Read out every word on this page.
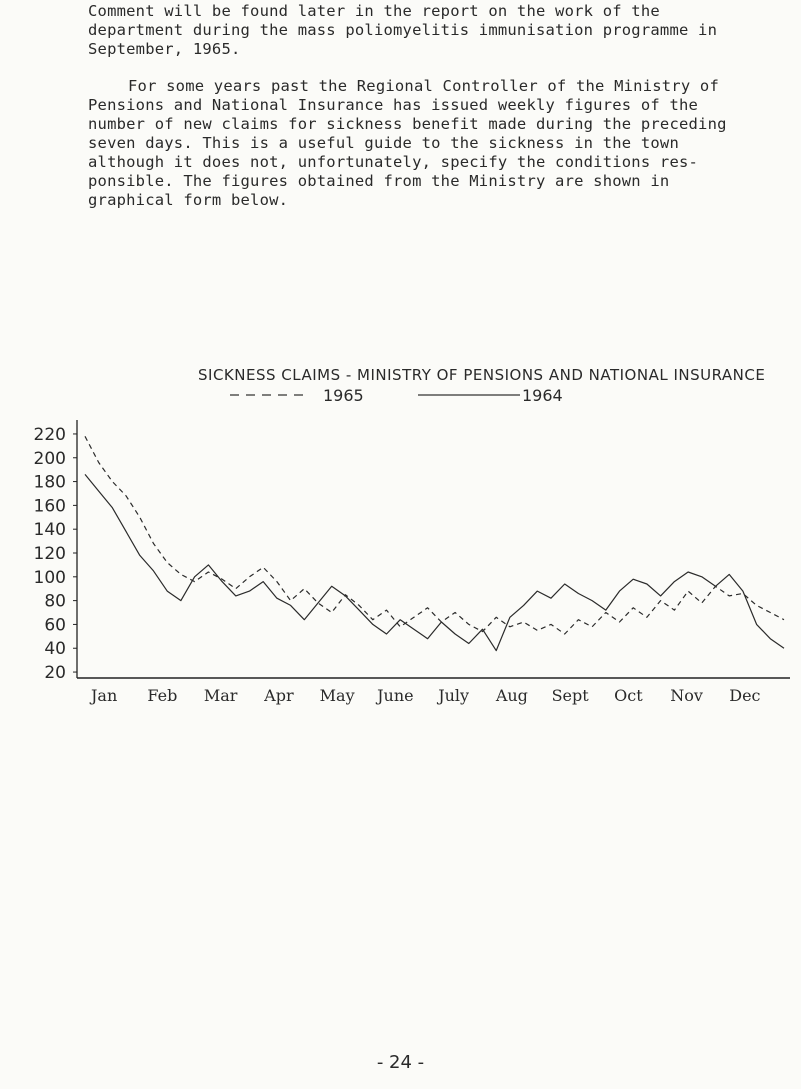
Comment will be found later in the report on the work of the
department during the mass poliomyelitis immunisation programme in
September, 1965.

For some years past the Regional Controller of the Ministry of
Pensions and National Insurance has issued weekly figures of the
number of new claims for sickness benefit made during the preceding
seven days. This is a useful guide to the sickness in the town
although it does not, unfortunately, specify the conditions res-
ponsible. The figures obtained from the Ministry are shown in
graphical form below.

SICKNESS CLAIMS - MINISTRY OF PENSIONS AND NATIONAL INSURANCE
1965	1964
220
200
180
160
140
120
100
80
60
40
20
Jan Feb Mar Apr May June July Aug Sept Oct Nov Dec
- 24 -
